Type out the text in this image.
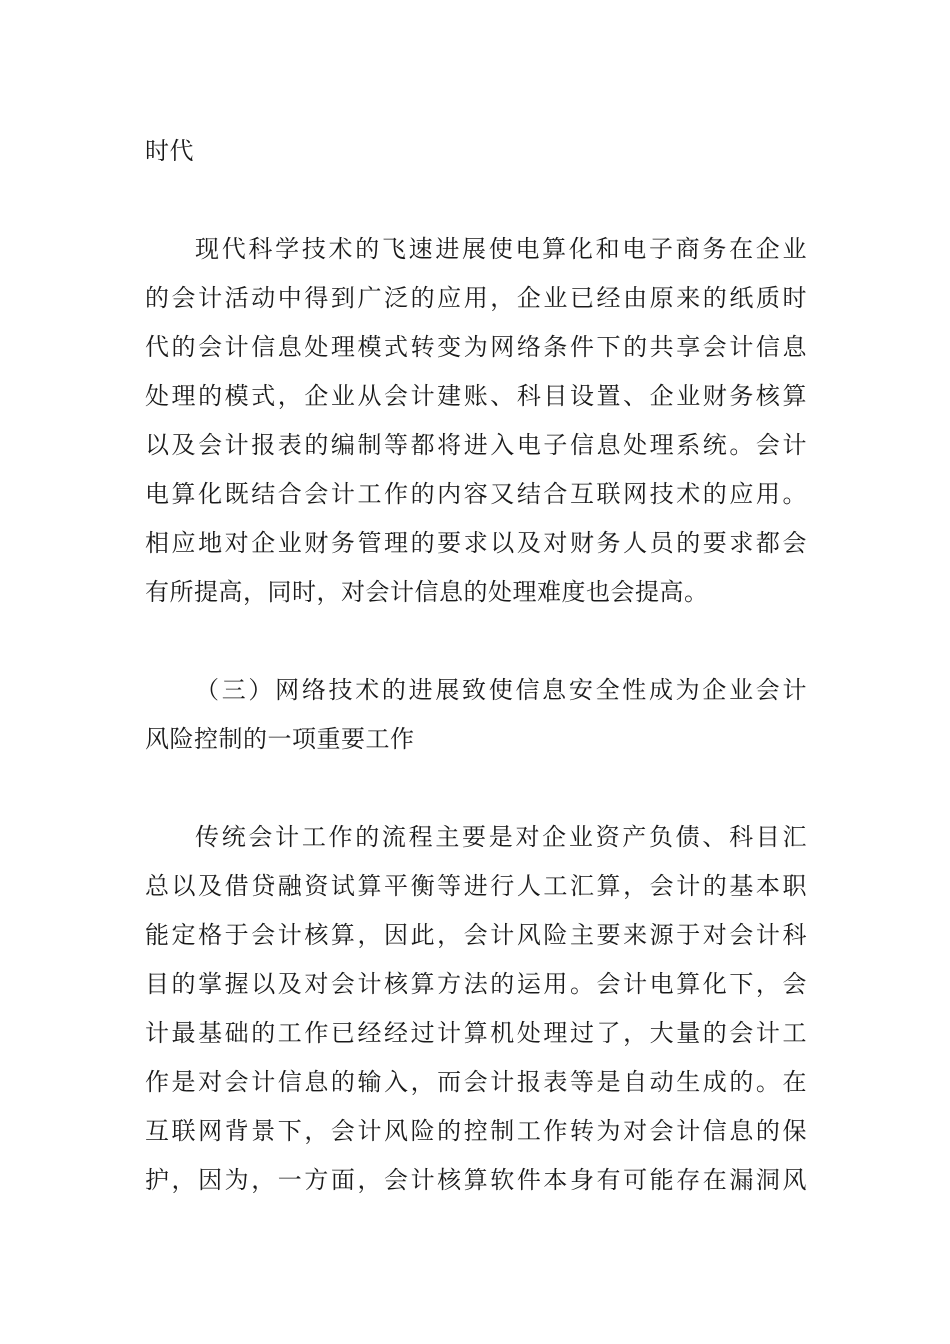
时代
现代科学技术的飞速进展使电算化和电子商务在企业
的会计活动中得到广泛的应用，企业已经由原来的纸质时
代的会计信息处理模式转变为网络条件下的共享会计信息
处理的模式，企业从会计建账、科目设置、企业财务核算
以及会计报表的编制等都将进入电子信息处理系统。会计
电算化既结合会计工作的内容又结合互联网技术的应用。
相应地对企业财务管理的要求以及对财务人员的要求都会
有所提高，同时，对会计信息的处理难度也会提高。
（三）网络技术的进展致使信息安全性成为企业会计
风险控制的一项重要工作
传统会计工作的流程主要是对企业资产负债、科目汇
总以及借贷融资试算平衡等进行人工汇算，会计的基本职
能定格于会计核算，因此，会计风险主要来源于对会计科
目的掌握以及对会计核算方法的运用。会计电算化下，会
计最基础的工作已经经过计算机处理过了，大量的会计工
作是对会计信息的输入，而会计报表等是自动生成的。在
互联网背景下，会计风险的控制工作转为对会计信息的保
护，因为，一方面，会计核算软件本身有可能存在漏洞风
